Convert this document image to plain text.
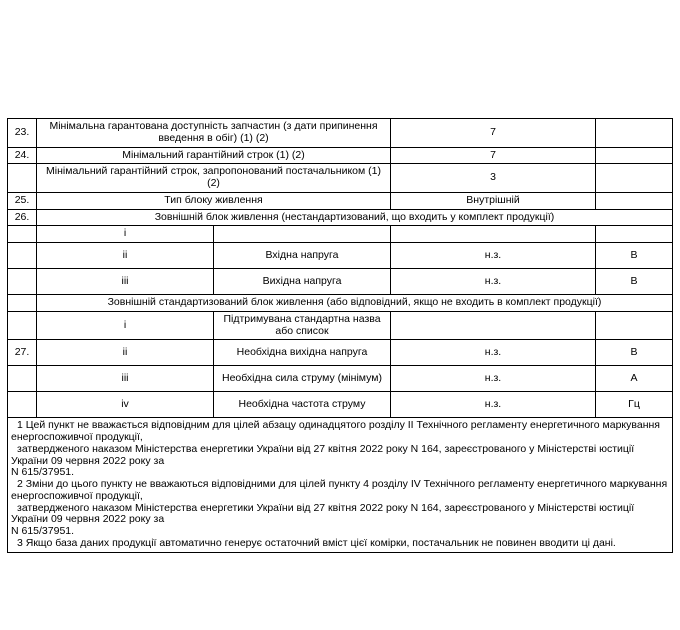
23.	Мінімальна гарантована доступність запчастин (з дати припинення введення в обіг) (1) (2)		7	
24.	Мінімальний гарантійний строк (1) (2)		7	
	Мінімальний гарантійний строк, запропонований постачальником (1) (2)		3	
25.	Тип блоку живлення		Внутрішній	
26.	Зовнішній блок живлення (нестандартизований, що входить у комплект продукції)			
	i			
	ii	Вхідна напруга	н.з.	В
	iii	Вихідна напруга	н.з.	В
	Зовнішній стандартизований блок живлення (або відповідний, якщо не входить в комплект продукції)			
	i	Підтримувана стандартна назва або список		
27.	ii	Необхідна вихідна напруга	н.з.	В
	iii	Необхідна сила струму (мінімум)	н.з.	А
	iv	Необхідна частота струму	н.з.	Гц

1 Цей пункт не вважається відповідним для цілей абзацу одинадцятого розділу II Технічного регламенту енергетичного маркування енергоспоживчої продукції,
затвердженого наказом Міністерства енергетики України від 27 квітня 2022 року N 164, зареєстрованого у Міністерстві юстиції України 09 червня 2022 року за
N 615/37951.
2 Зміни до цього пункту не вважаються відповідними для цілей пункту 4 розділу IV Технічного регламенту енергетичного маркування енергоспоживчої продукції,
затвердженого наказом Міністерства енергетики України від 27 квітня 2022 року N 164, зареєстрованого у Міністерстві юстиції України 09 червня 2022 року за
N 615/37951.
3 Якщо база даних продукції автоматично генерує остаточний вміст цієї комірки, постачальник не повинен вводити ці дані.
